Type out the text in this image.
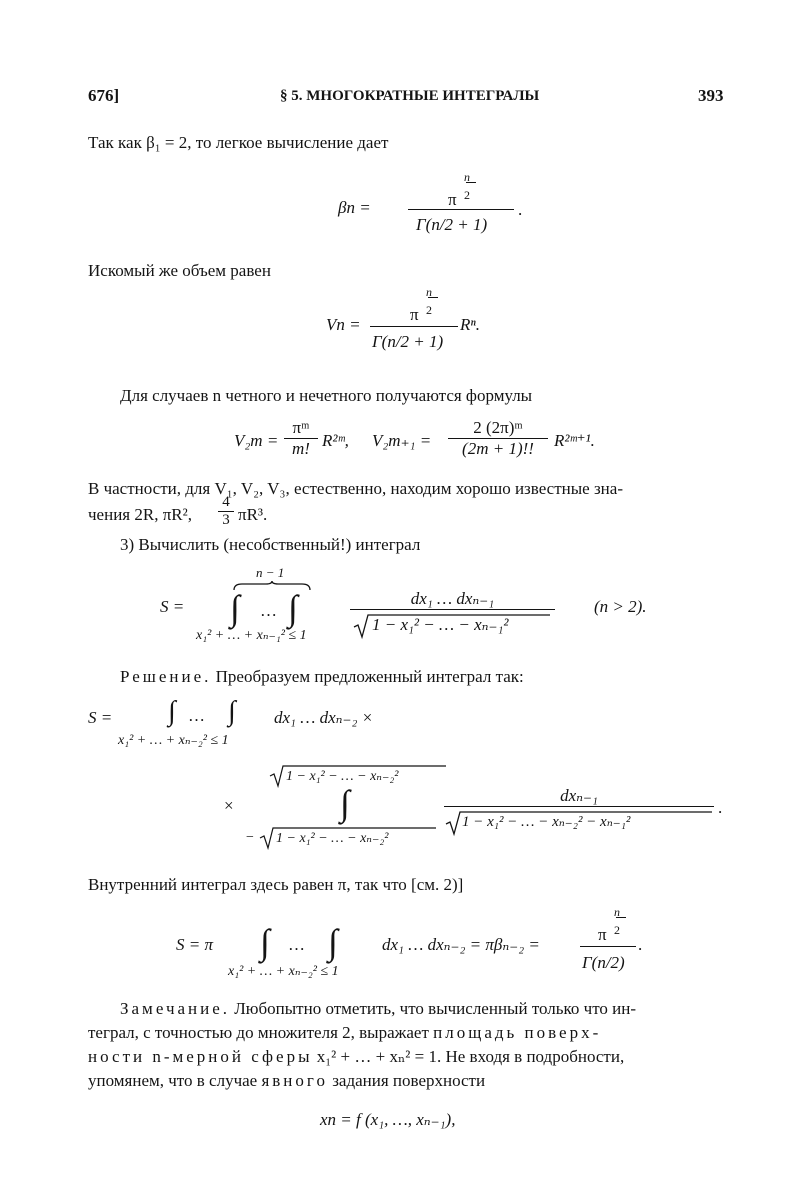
676]	§ 5. МНОГОКРАТНЫЕ ИНТЕГРАЛЫ	393
Так как β₁ = 2, то легкое вычисление дает
βn =
n
2
π
Γ(n/2 + 1)
.
Искомый же объем равен
Vn =
n
2
π
Γ(n/2 + 1)
Rⁿ.
Для случаев n четного и нечетного получаются формулы
V₂m =
πᵐ
m! R²ᵐ, V₂m₊₁ =
2 (2π)ᵐ
(2m + 1)!!	R²ᵐ⁺¹.
В частности, для V₁, V₂, V₃, естественно, находим хорошо известные зна-
чения 2R, πR², $\frac{4}{3} \pi R^3$.
3) Вычислить (несобственный!) интеграл
S =
n − 1
∫ … ∫
x₁² + … + xₙ₋₁² ≤ 1
dx₁ … dxₙ₋₁
1 − x₁² − … − xₙ₋₁²
(n > 2).
Решение. Преобразуем предложенный интеграл так:
S = ∫ … ∫
x₁² + … + xₙ₋₂² ≤ 1
dx₁ … dxₙ₋₂ ×
1 − x₁² − … − xₙ₋₂²
×	∫
− 1 − x₁² − … − xₙ₋₂²
dxₙ₋₁
1 − x₁² − … − xₙ₋₂² − xₙ₋₁²
.
Внутренний интеграл здесь равен π, так что [см. 2)]
S = π ∫ … ∫
x₁² + … + xₙ₋₂² ≤ 1
dx₁ … dxₙ₋₂ = πβₙ₋₂ =
n
2
π
Γ(n/2)
.
Замечание. Любопытно отметить, что вычисленный только что ин-
теграл, с точностью до множителя 2, выражает площадь поверх-
ности n-мерной сферы x₁² + … + xₙ² = 1. Не входя в подробности,
упомянем, что в случае явного задания поверхности
xn = f (x₁, …, xₙ₋₁),
